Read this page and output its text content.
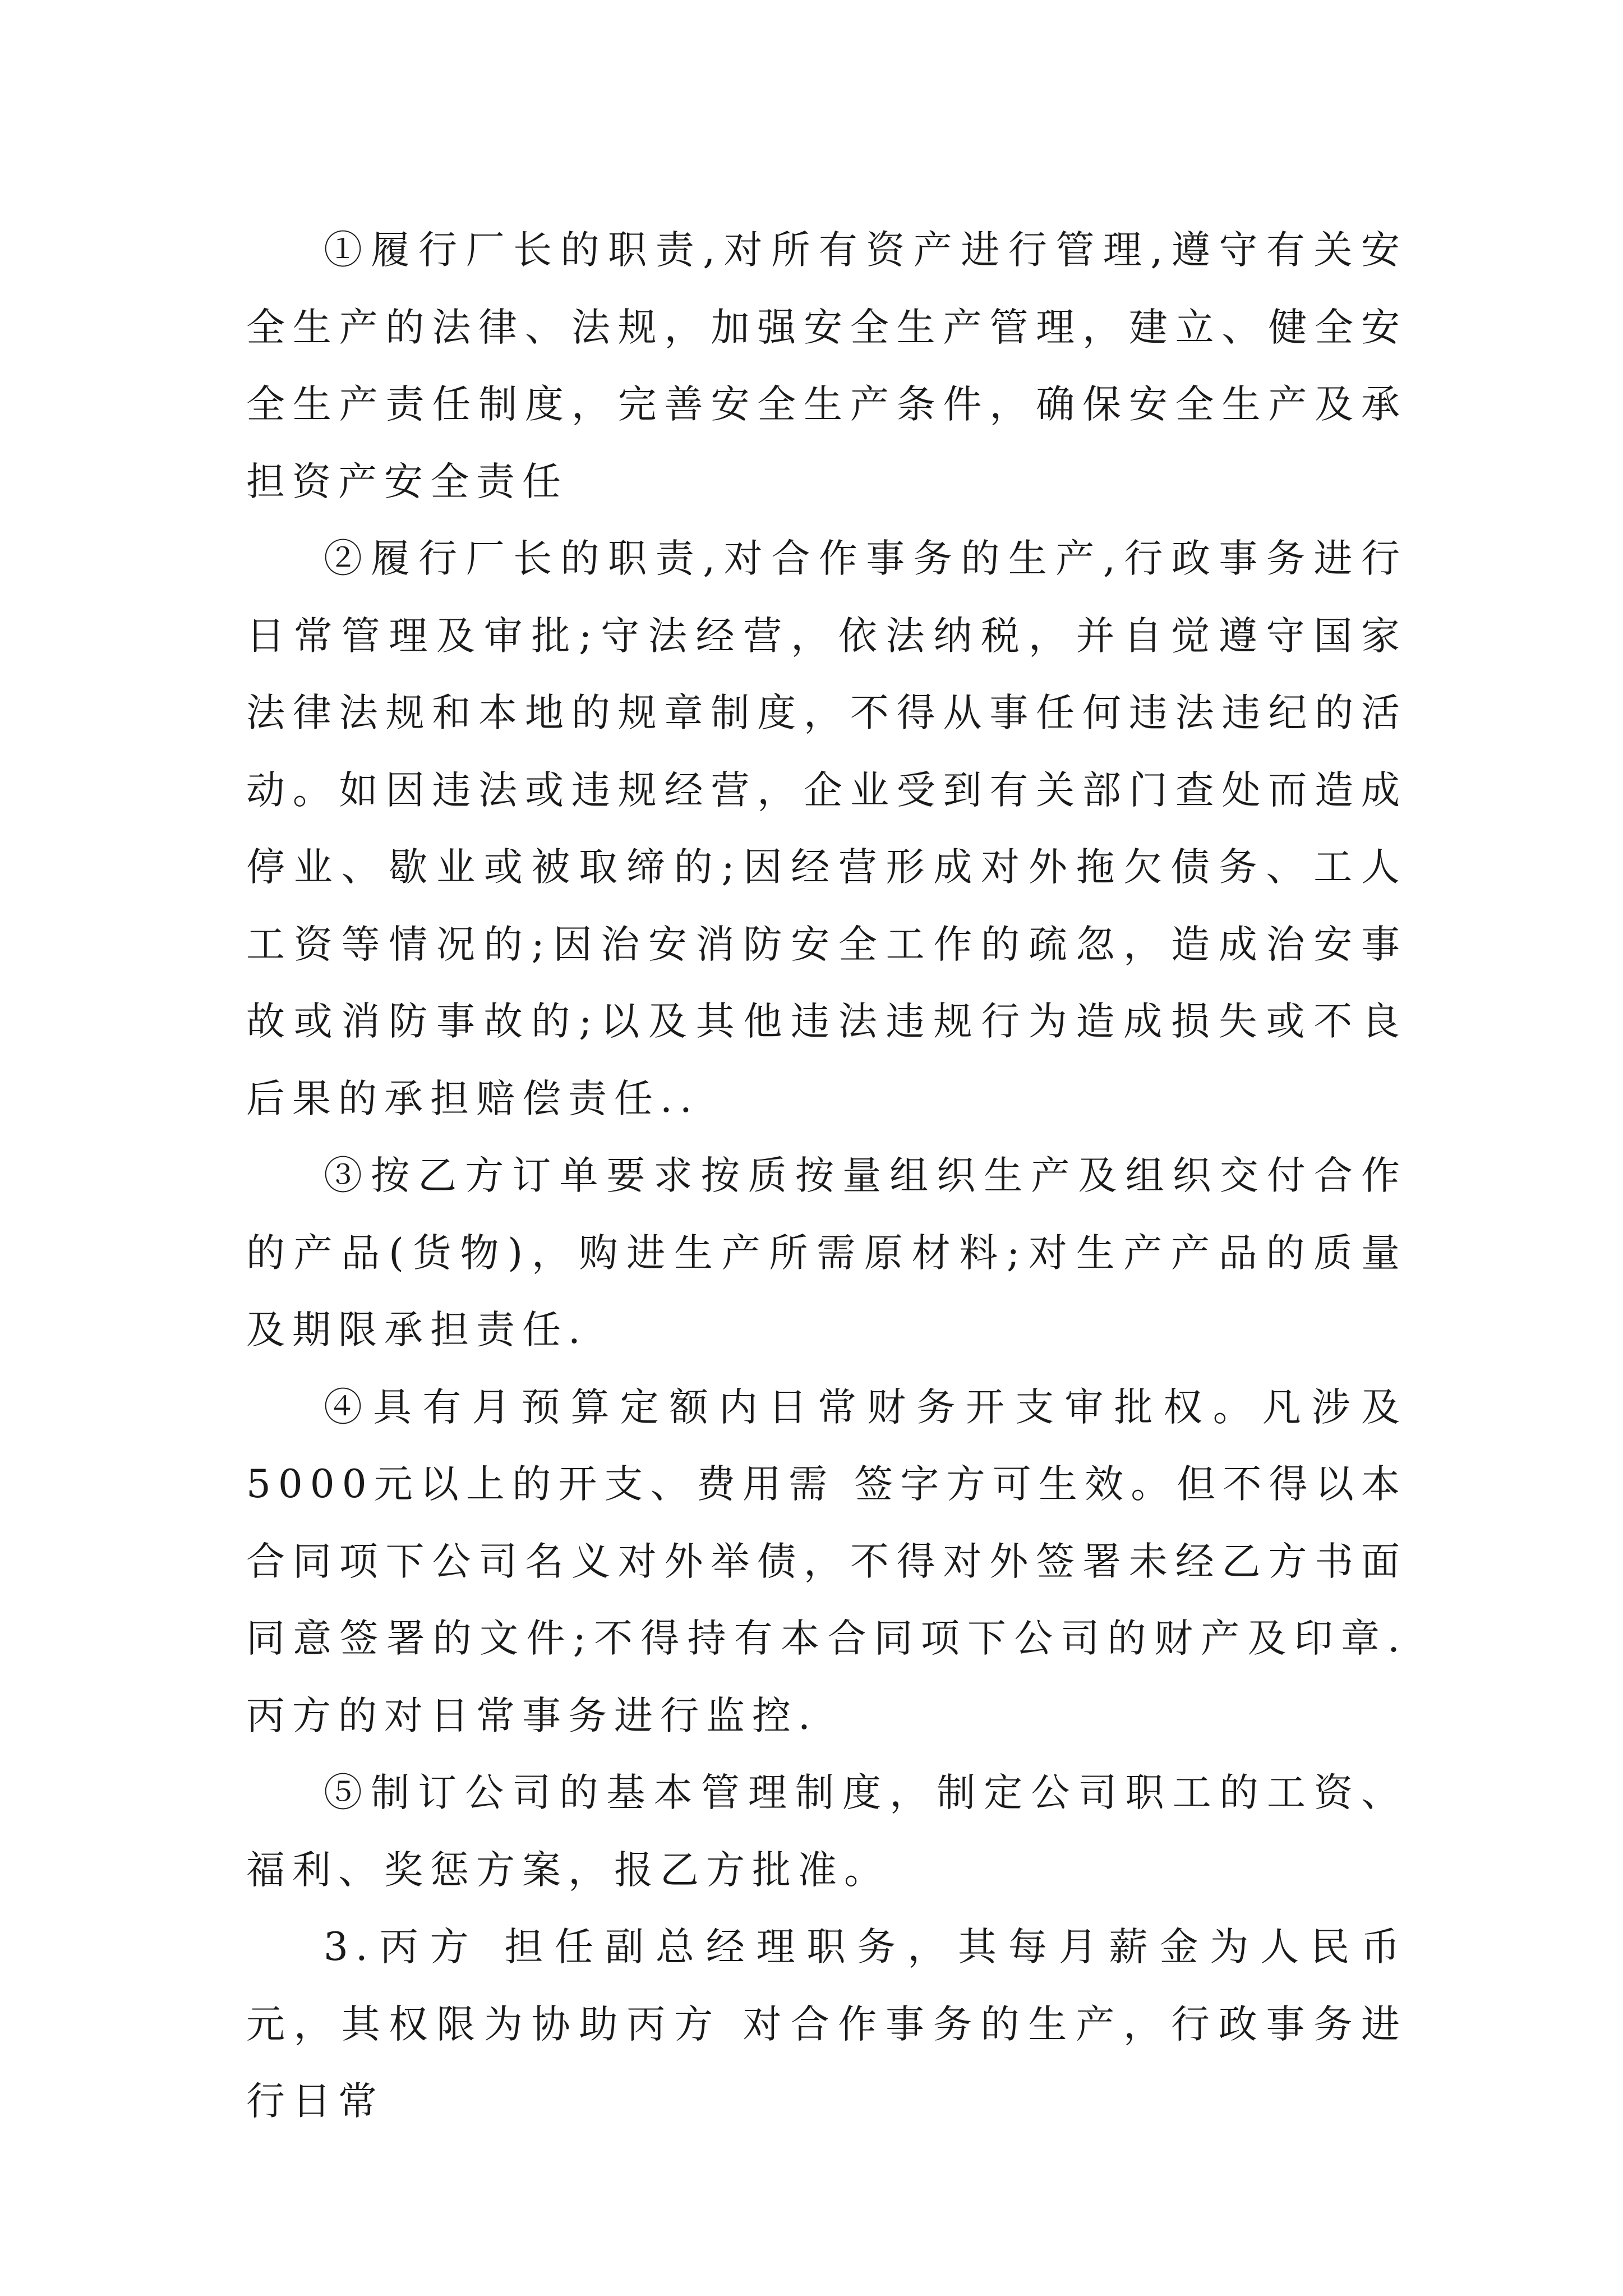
①履行厂长的职责,对所有资产进行管理,遵守有关安全生产的法律、法规，加强安全生产管理，建立、健全安全生产责任制度，完善安全生产条件，确保安全生产及承担资产安全责任

②履行厂长的职责,对合作事务的生产,行政事务进行日常管理及审批;守法经营，依法纳税，并自觉遵守国家法律法规和本地的规章制度，不得从事任何违法违纪的活动。如因违法或违规经营，企业受到有关部门查处而造成停业、歇业或被取缔的;因经营形成对外拖欠债务、工人工资等情况的;因治安消防安全工作的疏忽，造成治安事故或消防事故的;以及其他违法违规行为造成损失或不良后果的承担赔偿责任..

③按乙方订单要求按质按量组织生产及组织交付合作的产品(货物)，购进生产所需原材料;对生产产品的质量及期限承担责任.

④具有月预算定额内日常财务开支审批权。凡涉及5000元以上的开支、费用需 签字方可生效。但不得以本合同项下公司名义对外举债，不得对外签署未经乙方书面同意签署的文件;不得持有本合同项下公司的财产及印章. 丙方的对日常事务进行监控.

⑤制订公司的基本管理制度，制定公司职工的工资、福利、奖惩方案，报乙方批准。

3.丙方 担任副总经理职务，其每月薪金为人民币 元，其权限为协助丙方 对合作事务的生产，行政事务进行日常
